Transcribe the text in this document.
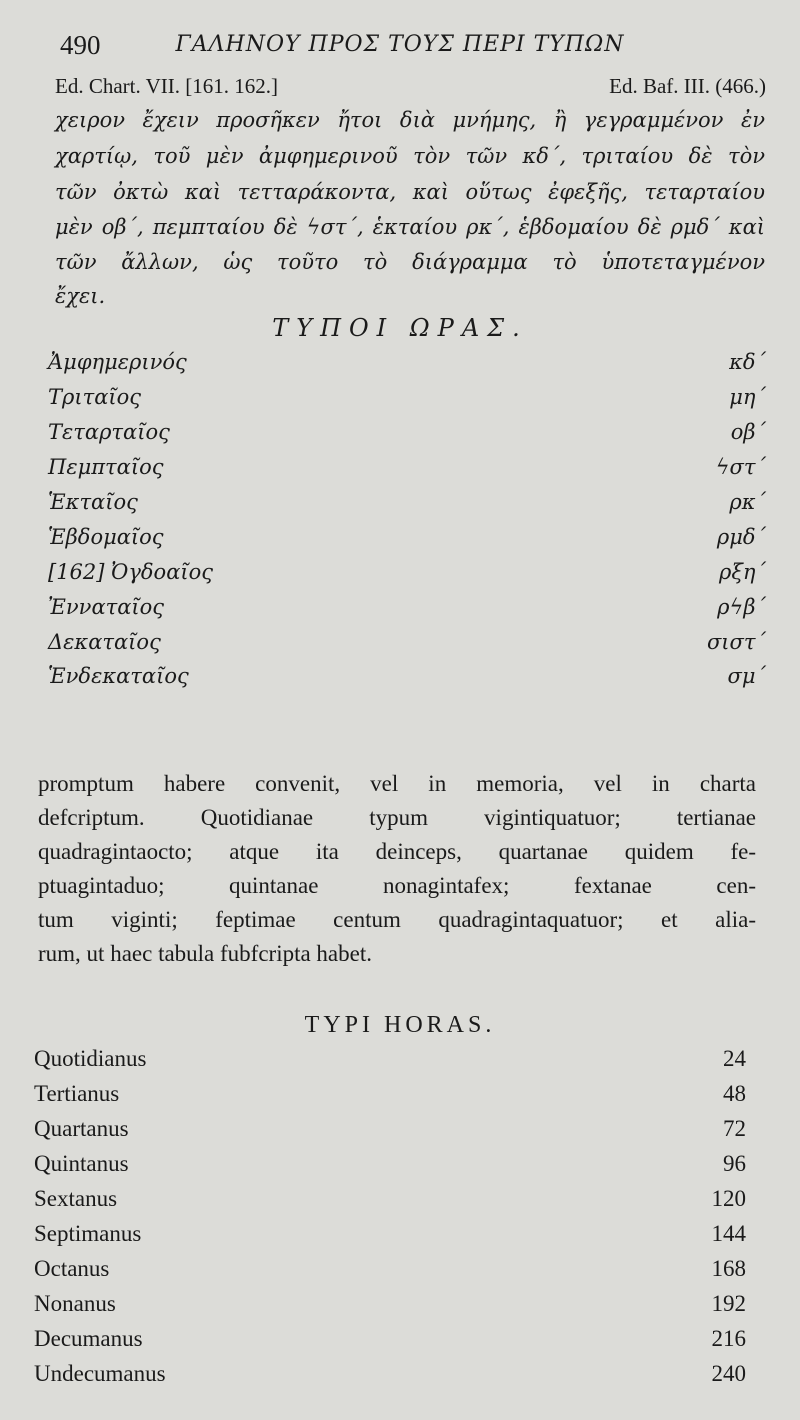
490	ΓΑΛΗΝΟΥ ΠΡΟΣ ΤΟΥΣ ΠΕΡΙ ΤΥΠΩΝ
Ed. Chart. VII. [161. 162.]	Ed. Baf. III. (466.)
χειρον ἔχειν προσῆκεν ἤτοι διὰ μνήμης, ἢ γεγραμμένον ἐν
χαρτίῳ, τοῦ μὲν ἀμφημερινοῦ τὸν τῶν κδ΄, τριταίου δὲ τὸν
τῶν ὀκτὼ καὶ τετταράκοντα, καὶ οὕτως ἐφεξῆς, τεταρταίου
μὲν οβ΄, πεμπταίου δὲ ϟστ΄, ἑκταίου ρκ΄, ἑβδομαίου δὲ ρμδ΄ καὶ
τῶν ἄλλων, ὡς τοῦτο τὸ διάγραμμα τὸ ὑποτεταγμένον
ἔχει.
ΤΥΠΟΙ ΩΡΑΣ.
Ἀμφημερινός	κδ΄
Τριταῖος	μη΄
Τεταρταῖος	οβ΄
Πεμπταῖος	ϟστ΄
Ἑκταῖος	ρκ΄
Ἑβδομαῖος	ρμδ΄
[162] Ὀγδοαῖος	ρξη΄
Ἐνναταῖος	ρϟβ΄
Δεκαταῖος	σιστ΄
Ἑνδεκαταῖος	σμ΄
promptum habere convenit, vel in memoria, vel in charta
defcriptum. Quotidianae typum vigintiquatuor; tertianae
quadragintaocto; atque ita deinceps, quartanae quidem fe-
ptuagintaduo; quintanae nonagintafex; fextanae cen-
tum viginti; feptimae centum quadragintaquatuor; et alia-
rum, ut haec tabula fubfcripta habet.
TYPI HORAS.
Quotidianus	24
Tertianus	48
Quartanus	72
Quintanus	96
Sextanus	120
Septimanus	144
Octanus	168
Nonanus	192
Decumanus	216
Undecumanus	240
